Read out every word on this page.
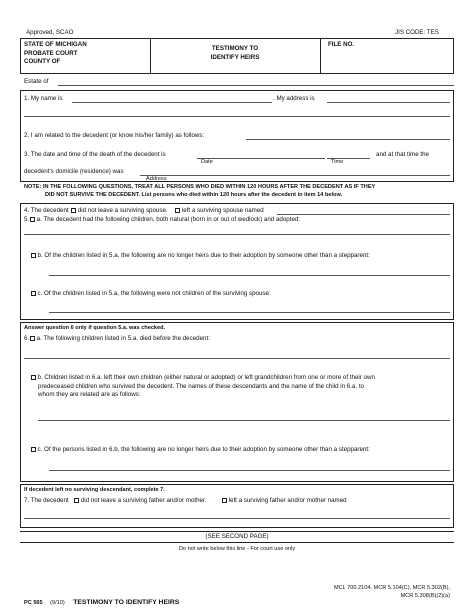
Approved, SCAO	JIS CODE: TES
STATE OF MICHIGAN
PROBATE COURT
COUNTY OF
TESTIMONY TO
IDENTIFY HEIRS
FILE NO.
Estate of
1. My name is	. My address is
2. I am related to the decedent (or know his/her family) as follows:
3. The date and time of the death of the decedent is
Date	Time
and at that time the
decedent's domicile (residence) was
Address
NOTE: IN THE FOLLOWING QUESTIONS, TREAT ALL PERSONS WHO DIED WITHIN 120 HOURS AFTER THE DECEDENT AS IF THEY
DID NOT SURVIVE THE DECEDENT. List persons who died within 120 hours after the decedent in item 14 below.
4. The decedent did not leave a surviving spouse. left a surviving spouse named
5. a. The decedent had the following children, both natural (born in or out of wedlock) and adopted:
b. Of the children listed in 5.a, the following are no longer heirs due to their adoption by someone other than a stepparent:
c. Of the children listed in 5.a, the following were not children of the surviving spouse:
Answer question 6 only if question 5.a. was checked.
6. a. The following children listed in 5.a. died before the decedent:
b. Children listed in 6.a. left their own children (either natural or adopted) or left grandchildren from one or more of their own
predeceased children who survived the decedent. The names of these descendants and the name of the child in 6.a. to
whom they are related are as follows:
c. Of the persons listed in 6.b, the following are no longer heirs due to their adoption by someone other than a stepparent:
If decedent left no surviving descendant, complete 7.
7. The decedent did not leave a surviving father and/or mother.	left a surviving father and/or mother named
(SEE SECOND PAGE)
Do not write below this line - For court use only
PC 565 (9/10) TESTIMONY TO IDENTIFY HEIRS
MCL 700.2104, MCR 5.104(C), MCR 5.302(B),
MCR 5.308(B)(2)(a)
